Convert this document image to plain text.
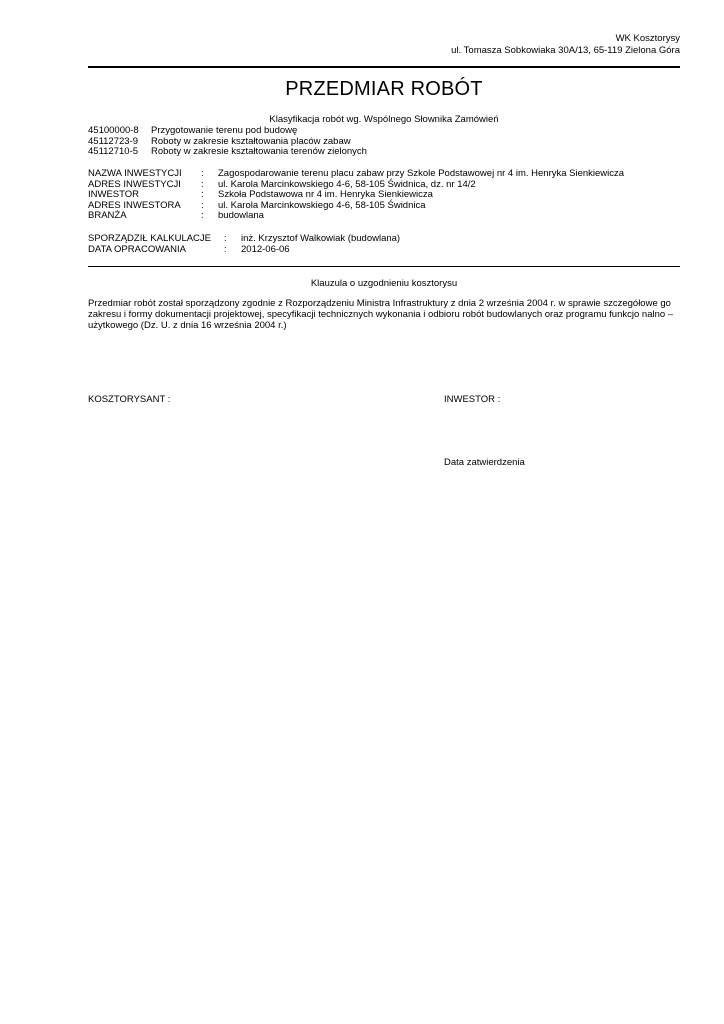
WK Kosztorysy
ul. Tomasza Sobkowiaka 30A/13, 65-119 Zielona Góra
PRZEDMIAR ROBÓT
Klasyfikacja robót wg. Wspólnego Słownika Zamówień
45100000-8	Przygotowanie terenu pod budowę
45112723-9	Roboty w zakresie kształtowania placów zabaw
45112710-5	Roboty w zakresie kształtowania terenów zielonych
NAZWA INWESTYCJI	:	Zagospodarowanie terenu placu zabaw przy Szkole Podstawowej nr 4 im. Henryka Sienkiewicza
ADRES INWESTYCJI	:	ul. Karola Marcinkowskiego 4-6, 58-105 Świdnica, dz. nr 14/2
INWESTOR	:	Szkoła Podstawowa nr 4 im. Henryka Sienkiewicza
ADRES INWESTORA	:	ul. Karola Marcinkowskiego 4-6, 58-105 Świdnica
BRANŻA	:	budowlana
SPORZĄDZIŁ KALKULACJE	:	inż. Krzysztof Walkowiak (budowlana)
DATA OPRACOWANIA	:	2012-06-06
Klauzula o uzgodnieniu kosztorysu
Przedmiar robót został sporządzony zgodnie z Rozporządzeniu Ministra Infrastruktury z dnia 2 września 2004 r. w sprawie szczegółowe go zakresu i formy dokumentacji projektowej, specyfikacji technicznych wykonania i odbioru robót budowlanych oraz programu funkcjo nalno – użytkowego (Dz. U. z dnia 16 września 2004 r.)
KOSZTORYSANT :	INWESTOR :
Data zatwierdzenia
